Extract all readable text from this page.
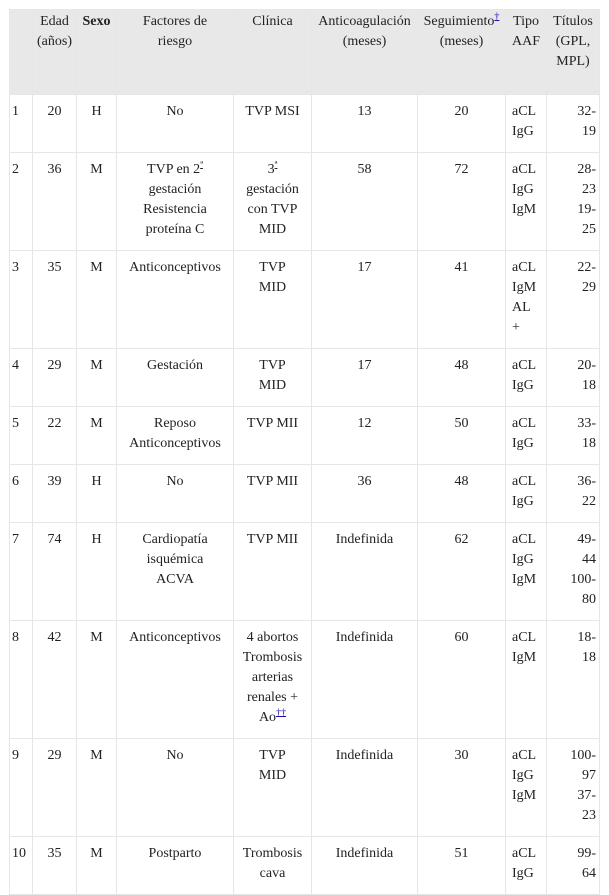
	Edad
(años)	Sexo	Factores de
riesgo	Clínica	Anticoagulación
(meses)	Seguimiento†
(meses)	Tipo
AAF	Títulos
(GPL,
MPL)

1	20	H	No	TVP MSI	13	20	aCL
IgG	32-
19

2	36	M	TVP en $2^ª$
gestación
Resistencia
proteína C	$3^ª$
gestación
con TVP
MID	58	72	aCL
IgG
IgM	28-
23
19-
25

3	35	M	Anticonceptivos	TVP
MID	17	41	aCL
IgM
AL
+	22-
29

4	29	M	Gestación	TVP
MID	17	48	aCL
IgG	20-
18

5	22	M	Reposo
Anticonceptivos	TVP MII	12	50	aCL
IgG	33-
18

6	39	H	No	TVP MII	36	48	aCL
IgG	36-
22

7	74	H	Cardiopatía
isquémica
ACVA	TVP MII	Indefinida	62	aCL
IgG
IgM	49-
44
100-
80

8	42	M	Anticonceptivos	4 abortos
Trombosis
arterias
renales +
Ao††	Indefinida	60	aCL
IgM	18-
18

9	29	M	No	TVP
MID	Indefinida	30	aCL
IgG
IgM	100-
97
37-
23

10	35	M	Postparto	Trombosis
cava	Indefinida	51	aCL
IgG	99-
64
